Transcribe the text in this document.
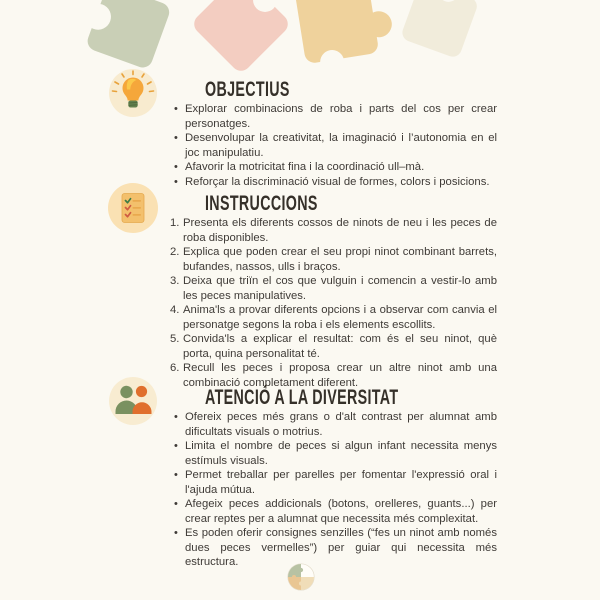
OBJECTIUS
• Explorar combinacions de roba i parts del cos per crear personatges.
• Desenvolupar la creativitat, la imaginació i l’autonomia en el joc manipulatiu.
• Afavorir la motricitat fina i la coordinació ull–mà.
• Reforçar la discriminació visual de formes, colors i posicions.
INSTRUCCIONS
Presenta els diferents cossos de ninots de neu i les peces de roba disponibles.
Explica que poden crear el seu propi ninot combinant barrets, bufandes, nassos, ulls i braços.
Deixa que triïn el cos que vulguin i comencin a vestir-lo amb les peces manipulatives.
Anima'ls a provar diferents opcions i a observar com canvia el personatge segons la roba i els elements escollits.
Convida'ls a explicar el resultat: com és el seu ninot, què porta, quina personalitat té.
Recull les peces i proposa crear un altre ninot amb una combinació completament diferent.
ATENCIÓ A LA DIVERSITAT
• Ofereix peces més grans o d'alt contrast per alumnat amb dificultats visuals o motrius.
• Limita el nombre de peces si algun infant necessita menys estímuls visuals.
• Permet treballar per parelles per fomentar l'expressió oral i l'ajuda mútua.
• Afegeix peces addicionals (botons, orelleres, guants...) per crear reptes per a alumnat que necessita més complexitat.
• Es poden oferir consignes senzilles (“fes un ninot amb només dues peces vermelles”) per guiar qui necessita més estructura.
